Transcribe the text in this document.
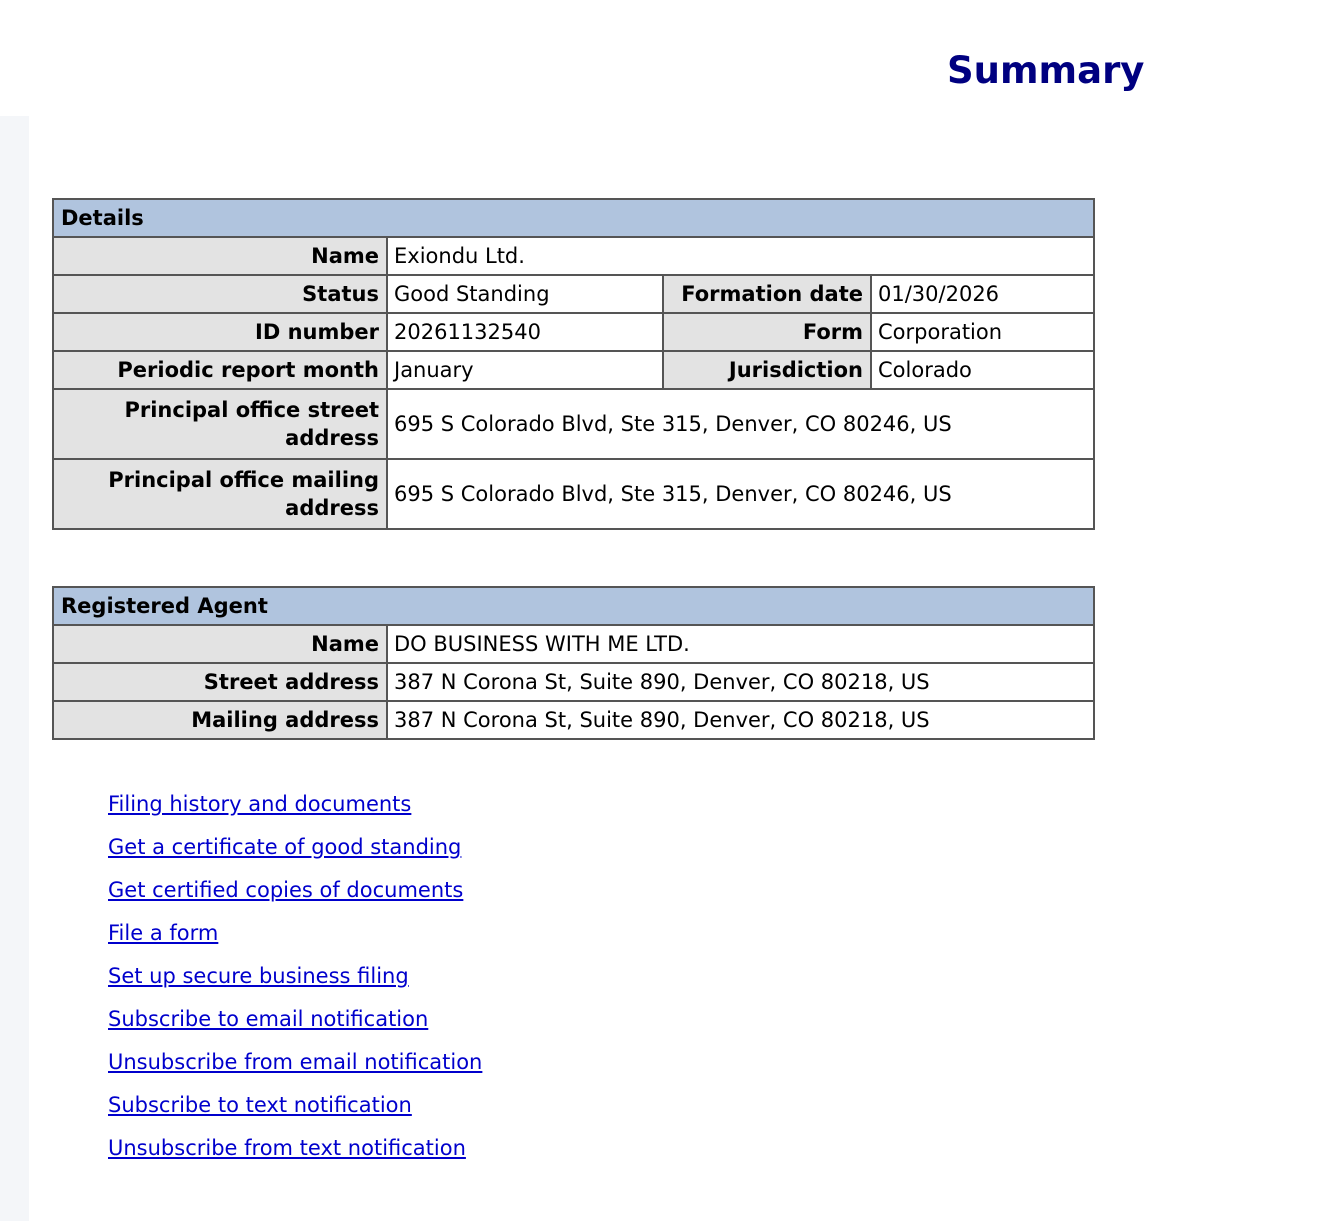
Summary
Details			
Name	Exiondu Ltd.		
Status	Good Standing	Formation date	01/30/2026
ID number	20261132540	Form	Corporation
Periodic report month	January	Jurisdiction	Colorado
Principal office street address	695 S Colorado Blvd, Ste 315, Denver, CO 80246, US		
Principal office mailing address	695 S Colorado Blvd, Ste 315, Denver, CO 80246, US		
Registered Agent	
Name	DO BUSINESS WITH ME LTD.
Street address	387 N Corona St, Suite 890, Denver, CO 80218, US
Mailing address	387 N Corona St, Suite 890, Denver, CO 80218, US
Filing history and documents
Get a certificate of good standing
Get certified copies of documents
File a form
Set up secure business filing
Subscribe to email notification
Unsubscribe from email notification
Subscribe to text notification
Unsubscribe from text notification
